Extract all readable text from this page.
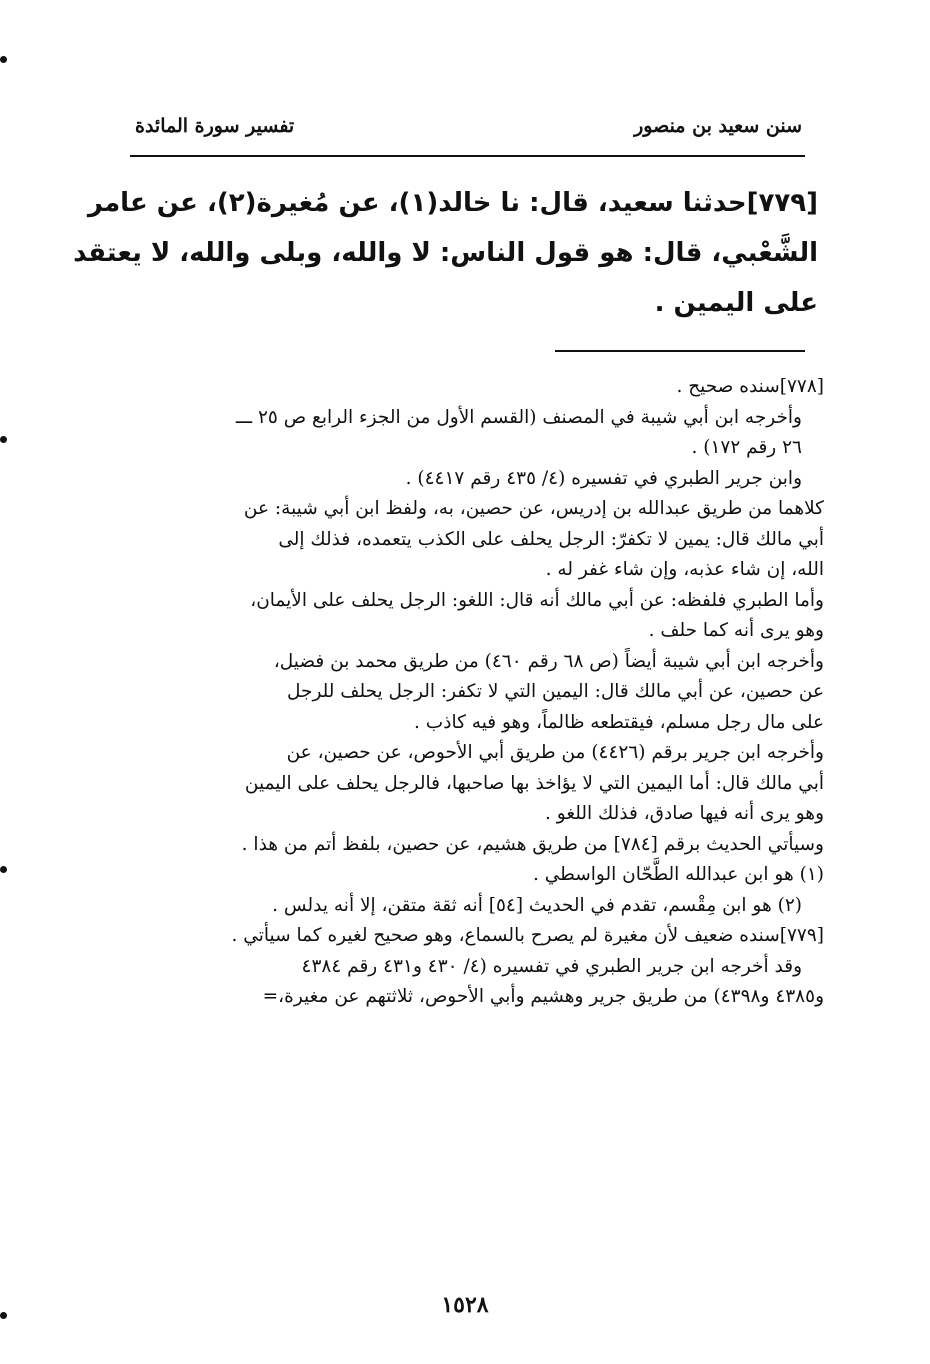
تفسير سورة المائدة	سنن سعيد بن منصور
[٧٧٩]حدثنا سعيد، قال: نا خالد(١)، عن مُغيرة(٢)، عن عامر
الشَّعْبي، قال: هو قول الناس: لا والله، وبلى والله، لا يعتقد
على اليمين .
[٧٧٨]سنده صحيح .
وأخرجه ابن أبي شيبة في المصنف (القسم الأول من الجزء الرابع ص ٢٥ ـــ
٢٦ رقم ١٧٢) .
وابن جرير الطبري في تفسيره (٤/ ٤٣٥ رقم ٤٤١٧) .
كلاهما من طريق عبدالله بن إدريس، عن حصين، به، ولفظ ابن أبي شيبة: عن
أبي مالك قال: يمين لا تكفرّ: الرجل يحلف على الكذب يتعمده، فذلك إلى
الله، إن شاء عذبه، وإن شاء غفر له .
وأما الطبري فلفظه: عن أبي مالك أنه قال: اللغو: الرجل يحلف على الأيمان،
وهو يرى أنه كما حلف .
وأخرجه ابن أبي شيبة أيضاً (ص ٦٨ رقم ٤٦٠) من طريق محمد بن فضيل،
عن حصين، عن أبي مالك قال: اليمين التي لا تكفر: الرجل يحلف للرجل
على مال رجل مسلم، فيقتطعه ظالماً، وهو فيه كاذب .
وأخرجه ابن جرير برقم (٤٤٢٦) من طريق أبي الأحوص، عن حصين، عن
أبي مالك قال: أما اليمين التي لا يؤاخذ بها صاحبها، فالرجل يحلف على اليمين
وهو يرى أنه فيها صادق، فذلك اللغو .
وسيأتي الحديث برقم [٧٨٤] من طريق هشيم، عن حصين، بلفظ أتم من هذا .
(١) هو ابن عبدالله الطَّحّان الواسطي .
(٢) هو ابن مِقْسم، تقدم في الحديث [٥٤] أنه ثقة متقن، إلا أنه يدلس .
[٧٧٩]سنده ضعيف لأن مغيرة لم يصرح بالسماع، وهو صحيح لغيره كما سيأتي .
وقد أخرجه ابن جرير الطبري في تفسيره (٤/ ٤٣٠ و٤٣١ رقم ٤٣٨٤
و٤٣٨٥ و٤٣٩٨) من طريق جرير وهشيم وأبي الأحوص، ثلاثتهم عن مغيرة،=
١٥٢٨
